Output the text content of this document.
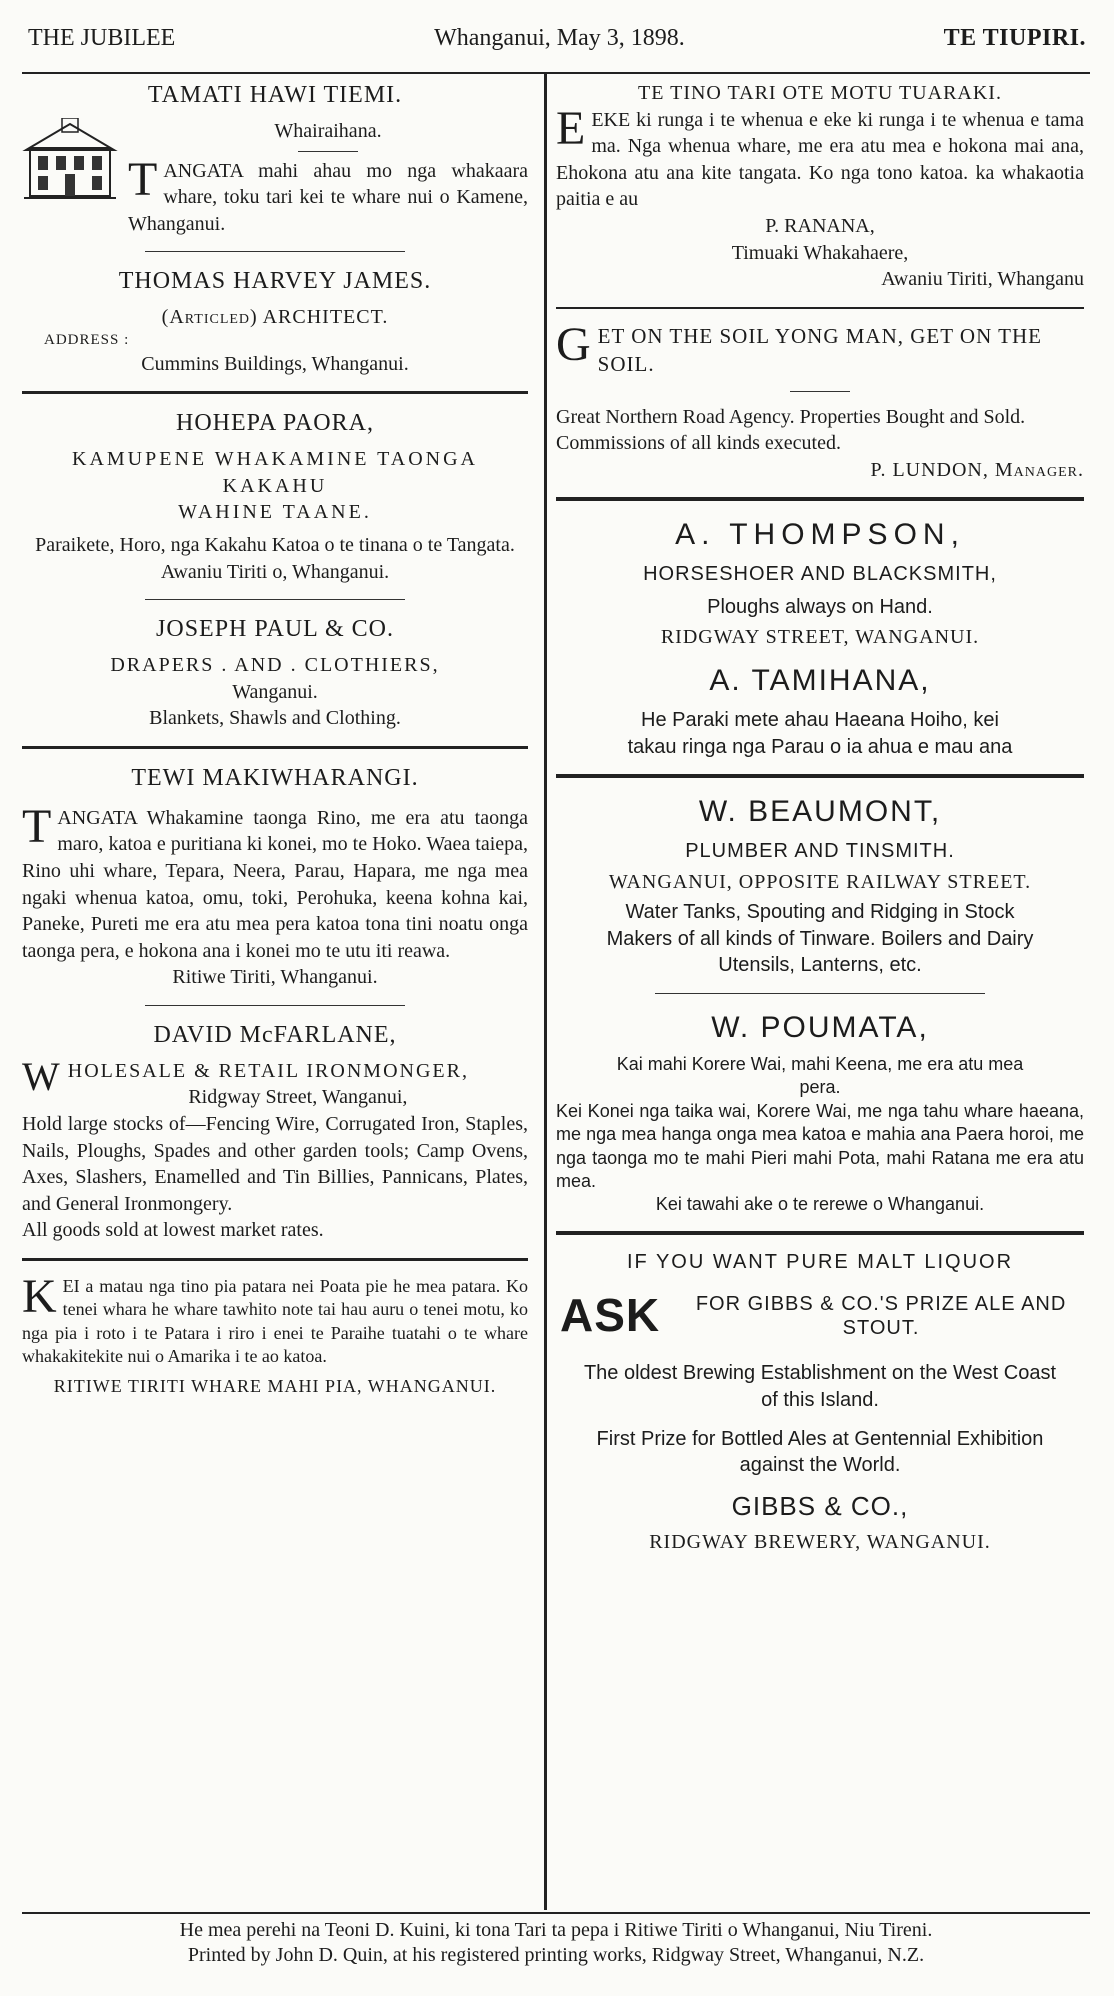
THE JUBILEE	Whanganui, May 3, 1898.	TE TIUPIRI.

TAMATI HAWI TIEMI.

Whairaihana.

TANGATA mahi ahau mo nga whakaara whare, toku tari kei te whare nui o Kamene, Whanganui.

THOMAS HARVEY JAMES.

(Articled) ARCHITECT.

ADDRESS :

Cummins Buildings, Whanganui.

HOHEPA PAORA,

KAMUPENE WHAKAMINE TAONGA KAKAHU

WAHINE TAANE.

Paraikete, Horo, nga Kakahu Katoa o te tinana o te Tangata.

Awaniu Tiriti o, Whanganui.

JOSEPH PAUL & CO.

DRAPERS . AND . CLOTHIERS,

Wanganui.

Blankets, Shawls and Clothing.

TEWI MAKIWHARANGI.

TANGATA Whakamine taonga Rino, me era atu taonga maro, katoa e puritiana ki konei, mo te Hoko. Waea taiepa, Rino uhi whare, Tepara, Neera, Parau, Hapara, me nga mea ngaki whenua katoa, omu, toki, Perohuka, keena kohna kai, Paneke, Pureti me era atu mea pera katoa tona tini noatu onga taonga pera, e hokona ana i konei mo te utu iti reawa.

Ritiwe Tiriti, Whanganui.

DAVID McFARLANE,

WHOLESALE & RETAIL IRONMONGER,

Ridgway Street, Wanganui,

Hold large stocks of—Fencing Wire, Corrugated Iron, Staples, Nails, Ploughs, Spades and other garden tools; Camp Ovens, Axes, Slashers, Enamelled and Tin Billies, Pannicans, Plates, and General Ironmongery.

All goods sold at lowest market rates.

KEI a matau nga tino pia patara nei Poata pie he mea patara. Ko tenei whara he whare tawhito note tai hau auru o tenei motu, ko nga pia i roto i te Patara i riro i enei te Paraihe tuatahi o te whare whakakitekite nui o Amarika i te ao katoa.

RITIWE TIRITI WHARE MAHI PIA, WHANGANUI.

TE TINO TARI OTE MOTU TUARAKI.

EEKE ki runga i te whenua e eke ki runga i te whenua e tama ma. Nga whenua whare, me era atu mea e hokona mai ana, Ehokona atu ana kite tangata. Ko nga tono katoa. ka whakaotia paitia e au

P. RANANA,

Timuaki Whakahaere,

Awaniu Tiriti, Whanganu

GET ON THE SOIL YONG MAN, GET ON THE SOIL.

Great Northern Road Agency. Properties Bought and Sold. Commissions of all kinds executed.

P. LUNDON, Manager.

A. THOMPSON,

HORSESHOER AND BLACKSMITH,

Ploughs always on Hand.

RIDGWAY STREET, WANGANUI.

A. TAMIHANA,

He Paraki mete ahau Haeana Hoiho, kei takau ringa nga Parau o ia ahua e mau ana

W. BEAUMONT,

PLUMBER AND TINSMITH.

WANGANUI, OPPOSITE RAILWAY STREET.

Water Tanks, Spouting and Ridging in Stock

Makers of all kinds of Tinware. Boilers and Dairy Utensils, Lanterns, etc.

W. POUMATA,

Kai mahi Korere Wai, mahi Keena, me era atu mea pera.

Kei Konei nga taika wai, Korere Wai, me nga tahu whare haeana, me nga mea hanga onga mea katoa e mahia ana Paera horoi, me nga taonga mo te mahi Pieri mahi Pota, mahi Ratana me era atu mea.

Kei tawahi ake o te rerewe o Whanganui.

IF YOU WANT PURE MALT LIQUOR

ASK	FOR GIBBS & CO.'S PRIZE ALE AND STOUT.

The oldest Brewing Establishment on the West Coast of this Island.

First Prize for Bottled Ales at Gentennial Exhibition against the World.

GIBBS & CO.,

RIDGWAY BREWERY, WANGANUI.

He mea perehi na Teoni D. Kuini, ki tona Tari ta pepa i Ritiwe Tiriti o Whanganui, Niu Tireni.

Printed by John D. Quin, at his registered printing works, Ridgway Street, Whanganui, N.Z.
